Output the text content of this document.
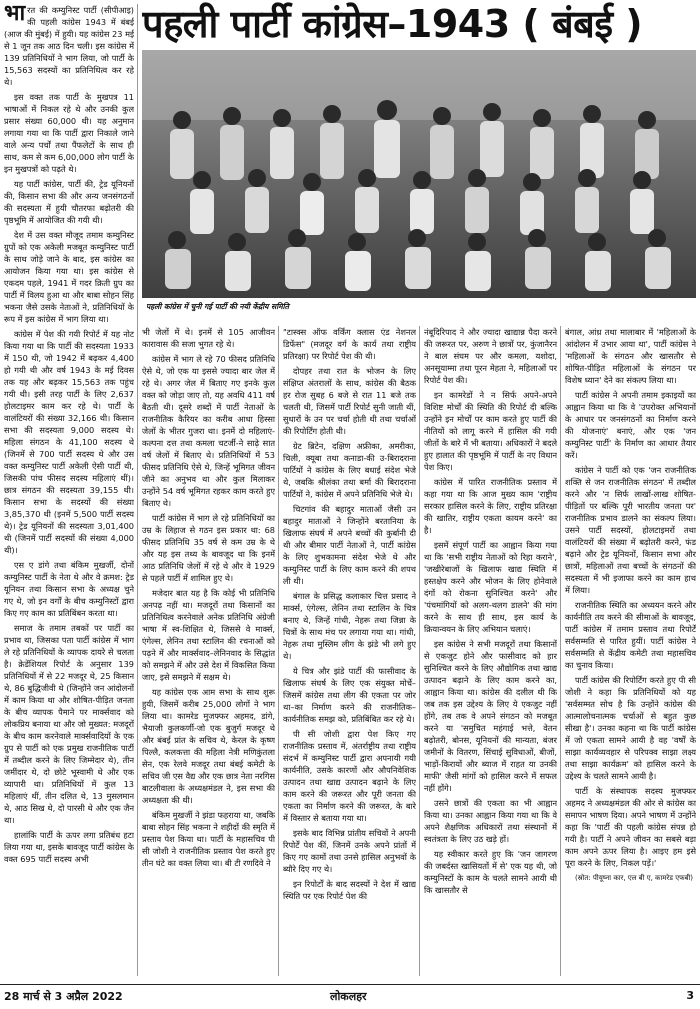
भारत की कम्युनिस्ट पार्टी (सीपीआइ) की पहली कांग्रेस 1943 में बंबई (आज की मुंबई) में हुयी। यह कांग्रेस 23 मई से 1 जून तक आठ दिन चली। इस कांग्रेस में 139 प्रतिनिधियों ने भाग लिया, जो पार्टी के 15,563 सदस्यों का प्रतिनिधित्व कर रहे थे।

इस वक्त तक पार्टी के मुखपत्र 11 भाषाओं में निकल रहे थे और उनकी कुल प्रसार संख्या 60,000 थी। यह अनुमान लगाया गया था कि पार्टी द्वारा निकाले जाने वाले अन्य पर्चों तथा पैंफलेटों के साथ ही साथ, कम से कम 6,00,000 लोग पार्टी के इन मुखपत्रों को पढ़ते थे।

यह पार्टी कांग्रेस, पार्टी की, ट्रेड यूनियनों की, किसान सभा की और अन्य जनसंगठनों की सदस्यता में हुयी चौतरफा बढ़ोतरी की पृष्ठभूमि में आयोजित की गयी थी।

देश में उस वक्त मौजूद तमाम कम्युनिस्ट ग्रुपों को एक अकेली मजबूत कम्युनिस्ट पार्टी के साथ जोड़े जाने के बाद, इस कांग्रेस का आयोजन किया गया था। इस कांग्रेस से एकदम पहले, 1941 में गदर क्रिती ग्रुप का पार्टी में विलय हुआ था और बाबा सोहन सिंह भकना जैसे उसके नेताओं ने, प्रतिनिधियों के रूप में इस कांग्रेस में भाग लिया था।

कांग्रेस में पेश की गयी रिपोर्ट में यह नोट किया गया था कि पार्टी की सदस्यता 1933 में 150 थी, जो 1942 में बढ़कर 4,400 हो गयी थी और वर्ष 1943 के मई दिवस तक यह और बढ़कर 15,563 तक पहुंच गयी थी। इसी तरह पार्टी के लिए 2,637 होलटाइमर काम कर रहे थे। पार्टी के वालंटियरों की संख्या 32,166 थी। किसान सभा की सदस्यता 9,000 सदस्य थे। महिला संगठन के 41,100 सदस्य थे (जिनमें से 700 पार्टी सदस्य थे और उस वक्त कम्युनिस्ट पार्टी अकेली ऐसी पार्टी थी, जिसकी पांच फीसद सदस्य महिलाएं थीं)। छात्र संगठन की सदस्यता 39,155 थी। किसान सभा के सदस्यों की संख्या 3,85,370 थी (इनमें 5,500 पार्टी सदस्य थे)। ट्रेड यूनियनों की सदस्यता 3,01,400 थी (जिनमें पार्टी सदस्यों की संख्या 4,000 थी)।

एस ए डांगे तथा बंकिम मुखर्जी, दोनों कम्युनिस्ट पार्टी के नेता थे और वे क्रमश: ट्रेड यूनियन तथा किसान सभा के अध्यक्ष चुने गए थे, जो इन वर्गों के बीच कम्युनिस्टों द्वारा किए गए काम का प्रतिबिंबन करता था।

समाज के तमाम तबकों पर पार्टी का प्रभाव था, जिसका पता पार्टी कांग्रेस में भाग ले रहे प्रतिनिधियों के व्यापक दायरे से चलता है। क्रेडेंशियल रिपोर्ट के अनुसार 139 प्रतिनिधियों में से 22 मजदूर थे, 25 किसान थे, 86 बुद्धिजीवी थे (जिन्होंने जन आंदोलनों में काम किया था और शोषित-पीड़ित जनता के बीच व्यापक पैमाने पर मार्क्सवाद को लोकप्रिय बनाया था और जो मुख्यत: मजदूरों के बीच काम करनेवाले मार्क्सवादियों के एक ग्रुप से पार्टी को एक प्रमुख राजनीतिक पार्टी में तब्दील करने के लिए जिम्मेदार थे), तीन जमींदार थे, दो छोटे भूस्वामी थे और एक व्यापारी था। प्रतिनिधियों में कुल 13 महिलाएं थीं, तीन दलित थे, 13 मुसलमान थे, आठ सिख थे, दो पारसी थे और एक जैन था।

हालांकि पार्टी के ऊपर लगा प्रतिबंध हटा लिया गया था, इसके बावजूद पार्टी कांग्रेस के वक्त 695 पार्टी सदस्य अभी

पहली पार्टी कांग्रेस–1943 ( बंबई )
पहली कांग्रेस में चुनी गई पार्टी की नयी केंद्रीय समिति

भी जेलों में थे। इनमें से 105 आजीवन कारावास की सजा भुगत रहे थे।

कांग्रेस में भाग ले रहे 70 फीसद प्रतिनिधि ऐसे थे, जो एक या इससे ज्यादा बार जेल में रहे थे। अगर जेल में बिताए गए इनके कुल वक्त को जोड़ा जाए तो, यह अवधि 411 वर्ष बैठती थी। दूसरे शब्दों में पार्टी नेताओं के राजनीतिक कैरियर का करीब आधा हिस्सा जेलों के भीतर गुजरा था। इनमें दो महिलाएं-कल्पना दत्त तथा कमला चटर्जी-ने साढ़े सात वर्ष जेलों में बिताए थे। प्रतिनिधियों में 53 फीसद प्रतिनिधि ऐसे थे, जिन्हें भूमिगत जीवन जीने का अनुभव था और कुल मिलाकर उन्होंने 54 वर्ष भूमिगत रहकर काम करते हुए बिताए थे।

पार्टी कांग्रेस में भाग ले रहे प्रतिनिधियों का उम्र के लिहाज से गठन इस प्रकार था: 68 फीसद प्रतिनिधि 35 वर्ष से कम उम्र के थे और यह इस तथ्य के बावजूद था कि इनमें आठ प्रतिनिधि जेलों में रहे थे और वे 1929 से पहले पार्टी में शामिल हुए थे।

मजेदार बात यह है कि कोई भी प्रतिनिधि अनपढ़ नहीं था। मजदूरों तथा किसानों का प्रतिनिधित्व करनेवाले अनेक प्रतिनिधि अंग्रेजी भाषा में स्व-शिक्षित थे, जिससे वे मार्क्स, एंगेल्स, लेनिन तथा स्टालिन की रचनाओं को पढ़ने में और मार्क्सवाद–लेनिनवाद के सिद्धांत को समझने में और उसे देश में विकसित किया जाए, इसे समझने में सक्षम थे।

यह कांग्रेस एक आम सभा के साथ शुरू हुयी, जिसमें करीब 25,000 लोगों ने भाग लिया था। कामरेड मुजफ्फर अहमद, डांगे, भैयाजी कुलकर्णी-जो एक बुजुर्ग मजदूर थे और बंबई प्रांत के सचिव थे, केरल के कृष्ण पिल्लै, कलकत्ता की महिला नेत्री मणिकुंतला सेन, एक रेलवे मजदूर तथा बंबई कमेटी के सचिव जी एस वैद्य और एक छात्र नेता नरगिस बाटलीवाला के अध्यक्षमंडल ने, इस सभा की अध्यक्षता की थी।

बंकिम मुखर्जी ने झंडा फहराया था, जबकि बाबा सोहन सिंह भकना ने शहीदों की स्मृति में प्रस्ताव पेश किया था। पार्टी के महासचिव पी सी जोशी ने राजनीतिक प्रस्ताव पेश करते हुए तीन घंटे का वक्त लिया था। बी टी रणदिवे ने

"टास्क्स ऑफ वर्किंग क्लास एंड नेशनल डिफेंस" (मजदूर वर्ग के कार्य तथा राष्ट्रीय प्रतिरक्षा) पर रिपोर्ट पेश की थी।

दोपहर तथा रात के भोजन के लिए संक्षिप्त अंतरालों के साथ, कांग्रेस की बैठक हर रोज सुबह 6 बजे से रात 11 बजे तक चलती थी, जिसमें पार्टी रिपोर्ट सुनी जाती थीं, सुधारों के उन पर चर्चा होती थी तथा चर्चाओं की रिपोर्टिंग होती थी।

ग्रेट ब्रिटेन, दक्षिण अफ्रीका, अमरीका, चिली, क्यूबा तथा कनाडा-की उ-बिरादराना पार्टियों ने कांग्रेस के लिए बधाई संदेश भेजे थे, जबकि श्रीलंका तथा बर्मा की बिरादराना पार्टियों ने, कांग्रेस में अपने प्रतिनिधि भेजे थे।

चिटगांव की बहादुर माताओं जैसी उन बहादुर माताओं ने जिन्होंने बरतानिया के खिलाफ संघर्ष में अपने बच्चों की कुर्बानी दी थी और बीमार पार्टी नेताओं ने, पार्टी कांग्रेस के लिए शुभकामना संदेश भेजे थे और कम्युनिस्ट पार्टी के लिए काम करने की शपथ ली थी।

बंगाल के प्रसिद्ध कलाकार चित्त प्रसाद ने मार्क्स, एंगेल्स, लेनिन तथा स्टालिन के चित्र बनाए थे, जिन्हें गांधी, नेहरू तथा जिन्ना के चित्रों के साथ मंच पर लगाया गया था। गांधी, नेहरू तथा मुस्लिम लीग के झंडे भी लगे हुए थे।

ये चित्र और झंडे पार्टी की फासीवाद के खिलाफ संघर्ष के लिए एक संयुक्त मोर्चे–जिसमें कांग्रेस तथा लीग की एकता पर जोर था–का निर्माण करने की राजनीतिक–कार्यनीतिक समझ को, प्रतिबिंबित कर रहे थे।

पी सी जोशी द्वारा पेश किए गए राजनीतिक प्रस्ताव में, अंतर्राष्ट्रीय तथा राष्ट्रीय संदर्भ में कम्युनिस्ट पार्टी द्वारा अपनायी गयी कार्यनीति, उसके कारणों और औपनिवेशिक उत्पादन तथा खाद्य उत्पादन बढ़ाने के लिए काम करने की जरूरत और पूरी जनता की एकता का निर्माण करने की जरूरत, के बारे में विस्तार से बताया गया था।

इसके बाद विभिन्न प्रांतीय सचिवों ने अपनी रिपोर्टें पेश कीं, जिनमें उनके अपने प्रांतों में किए गए कामों तथा उनसे हासिल अनुभवों के ब्यौरे दिए गए थे।

इन रिपोर्टों के बाद सदस्यों ने देश में खाद्य स्थिति पर एक रिपोर्ट पेश की

नंबूदिरिपाद ने और ज्यादा खाद्यान्न पैदा करने की जरूरत पर, अरुण ने छात्रों पर, कुंजानैरन ने बाल संघम पर और कमला, यशोदा, अनसूयाम्मा तथा पूरन मेहता ने, महिलाओं पर रिपोर्ट पेश की।

इन कामरेडों ने न सिर्फ अपने-अपने विशिष्ट मोर्चों की स्थिति की रिपोर्ट दी बल्कि उन्होंने इन मोर्चों पर काम करते हुए पार्टी की नीतियों को लागू करने में हासिल की गयी जीतों के बारे में भी बताया। अधिकारों ने बदले हुए हालात की पृष्ठभूमि में पार्टी के नए विधान पेश किए।

कांग्रेस में पारित राजनीतिक प्रस्ताव में कहा गया था कि आज मुख्य काम 'राष्ट्रीय सरकार हासिल करने के लिए, राष्ट्रीय प्रतिरक्षा की खातिर, राष्ट्रीय एकता कायम करने' का है।

इसमें संपूर्ण पार्टी का आह्वान किया गया था कि 'सभी राष्ट्रीय नेताओं को रिहा कराने', 'जखीरेबाजों के खिलाफ खाद्य स्थिति में हस्तक्षेप करने और भोजन के लिए होनेवाले दंगों को रोकना सुनिश्चित करने' और 'पंचमांगियों को अलग-थलग डालने' की मांग करने के साथ ही साथ, इस कार्य के क्रियान्वयन के लिए अभियान चलाएं।

इस कांग्रेस ने सभी मजदूरों तथा किसानों से एकजुट होने और फासीवाद को हार सुनिश्चित करने के लिए औद्योगिक तथा खाद्य उत्पादन बढ़ाने के लिए काम करने का, आह्वान किया था। कांग्रेस की दलील थी कि जब तक इस उद्देश्य के लिए ये एकजुट नहीं होंगे, तब तक वे अपने संगठन को मजबूत करने या 'समुचित महंगाई भत्ते, वेतन बढ़ोतरी, बोनस, यूनियनों की मान्यता, बंजर जमीनों के वितरण, सिंचाई सुविधाओं, बीजों, भाड़ों-किरायों और ब्याज में राहत या उनकी माफी' जैसी मांगों को हासिल करने में सफल नहीं होंगे।

उसने छात्रों की एकता का भी आह्वान किया था। उनका आह्वान किया गया था कि वे अपने शैक्षणिक अधिकारों तथा संस्थानों में स्वतंत्रता के लिए उठ खड़े हों।

यह स्वीकार करते हुए कि 'जन जागरण की जबर्दस्त खासियतों में से' एक यह थी, जो कम्युनिस्टों के काम के चलते सामने आयी थी कि खासतौर से

बंगाल, आंध्र तथा मालाबार में 'महिलाओं के आंदोलन में उभार आया था', पार्टी कांग्रेस ने 'महिलाओं के संगठन और खासतौर से शोषित-पीड़ित महिलाओं के संगठन पर विशेष ध्यान' देने का संकल्प लिया था।

पार्टी कांग्रेस ने अपनी तमाम इकाइयों का आह्वान किया था कि वे 'उपरोक्त अभियानों के आधार पर जनसंगठनों का निर्माण करने की योजनाएं' बनाएं, और एक 'जन कम्युनिस्ट पार्टी' के निर्माण का आधार तैयार करें।

कांग्रेस ने पार्टी को एक 'जन राजनीतिक शक्ति से जन राजनीतिक संगठन' में तब्दील करने और 'न सिर्फ लाखों-लाख शोषित-पीड़ितों पर बल्कि पूरी भारतीय जनता पर' राजनीतिक प्रभाव डालने का संकल्प लिया। उसने पार्टी सदस्यों, होलटाइमरों तथा वालंटियरों की संख्या में बढ़ोतरी करने, फंड बढ़ाने और ट्रेड यूनियनों, किसान सभा और छात्रों, महिलाओं तथा बच्चों के संगठनों की सदस्यता में भी इजाफा करने का काम हाथ में लिया।

राजनीतिक स्थिति का अध्ययन करने और कार्यनीति तय करने की सीमाओं के बावजूद, पार्टी कांग्रेस में तमाम प्रस्ताव तथा रिपोर्टें सर्वसम्मति से पारित हुयीं। पार्टी कांग्रेस ने सर्वसम्मति से केंद्रीय कमेटी तथा महासचिव का चुनाव किया।

पार्टी कांग्रेस की रिपोर्टिंग करते हुए पी सी जोशी ने कहा कि प्रतिनिधियों को यह 'सर्वसम्मत सोच है कि उन्होंने कांग्रेस की आत्मालोचनात्मक चर्चाओं से बहुत कुछ सीखा है'। उनका कहना था कि पार्टी कांग्रेस में जो एकता सामने आयी है वह 'वर्षों के साझा कार्यव्यवहार से परिपक्व साझा लक्ष्य तथा साझा कार्यक्रम' को हासिल करने के उद्देश्य के चलते सामने आयी है।

पार्टी के संस्थापक सदस्य मुजफ्फर अहमद ने अध्यक्षमंडल की ओर से कांग्रेस का समापन भाषण दिया। अपने भाषण में उन्होंने कहा कि 'पार्टी की पहली कांग्रेस संपन्न हो गयी है। पार्टी ने अपने जीवन का सबसे बड़ा काम अपने ऊपर लिया है। आइए हम इसे पूरा करने के लिए, निकल पड़ें।'

(स्रोत: पीयूष्ना कार, एल बी ए, कामरेड एफबी)

28 मार्च से 3 अप्रैल 2022	लोकलहर	3
